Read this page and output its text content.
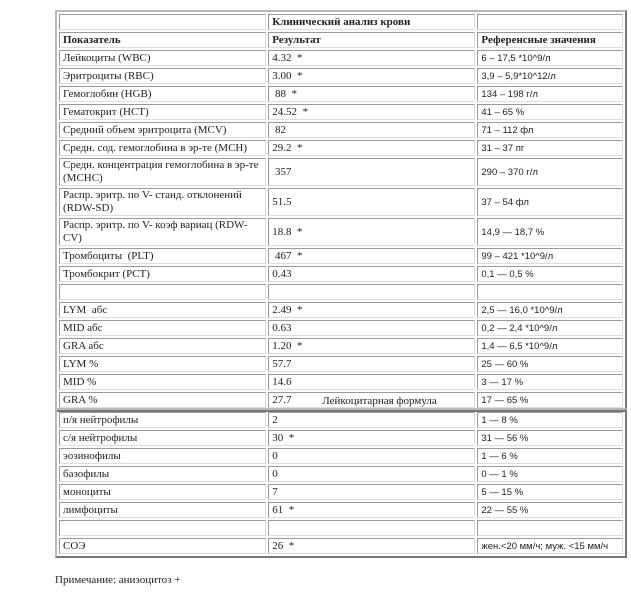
	Клинический анализ крови	
Показатель	Результат	Референсные значения
Лейкоциты (WBC)	4.32  *	6 – 17,5 *10^9/л
Эритроциты (RBC)	3.00  *	3,9 – 5,9*10^12/л
Гемоглобин (HGB)	88  *	134 – 198 г/л
Гематокрит (HCT)	24.52  *	41 – 65 %
Средний объем эритроцита (MCV)	82	71 – 112 фл
Средн. сод. гемоглобина в эр-те (MCH)	29.2  *	31 – 37 пг
Средн. концентрация гемоглобина в эр-те (MCHC)	357	290 – 370 г/л
Распр. эритр. по V- станд. отклонений (RDW-SD)	51.5	37 – 54 фл
Распр. эритр. по V- коэф вариац (RDW-CV)	18.8  *	14,9 — 18,7 %
Тромбоциты  (PLT)	467  *	99 – 421 *10^9/л
Тромбокрит (PCT)	0.43	0,1 — 0,5 %

LYM  абс	2.49  *	2,5 — 16,0 *10^9/л
MID абс	0.63	0,2 — 2,4 *10^9/л
GRA абс	1.20  *	1,4 — 6,5 *10^9/л
LYM %	57.7	25 — 60 %
MID %	14.6	3 — 17 %
GRA %	27.7	17 — 65 %
Лейкоцитарная формула
п/я нейтрофилы	2	1 — 8 %
с/я нейтрофилы	30  *	31 — 56 %
эозинофилы	0	1 — 6 %
базофилы	0	0 — 1 %
моноциты	7	5 — 15 %
лимфоциты	61  *	22 — 55 %

СОЭ	26  *	жен.<20 мм/ч; муж. <15 мм/ч
Примечание: анизоцитоз +
